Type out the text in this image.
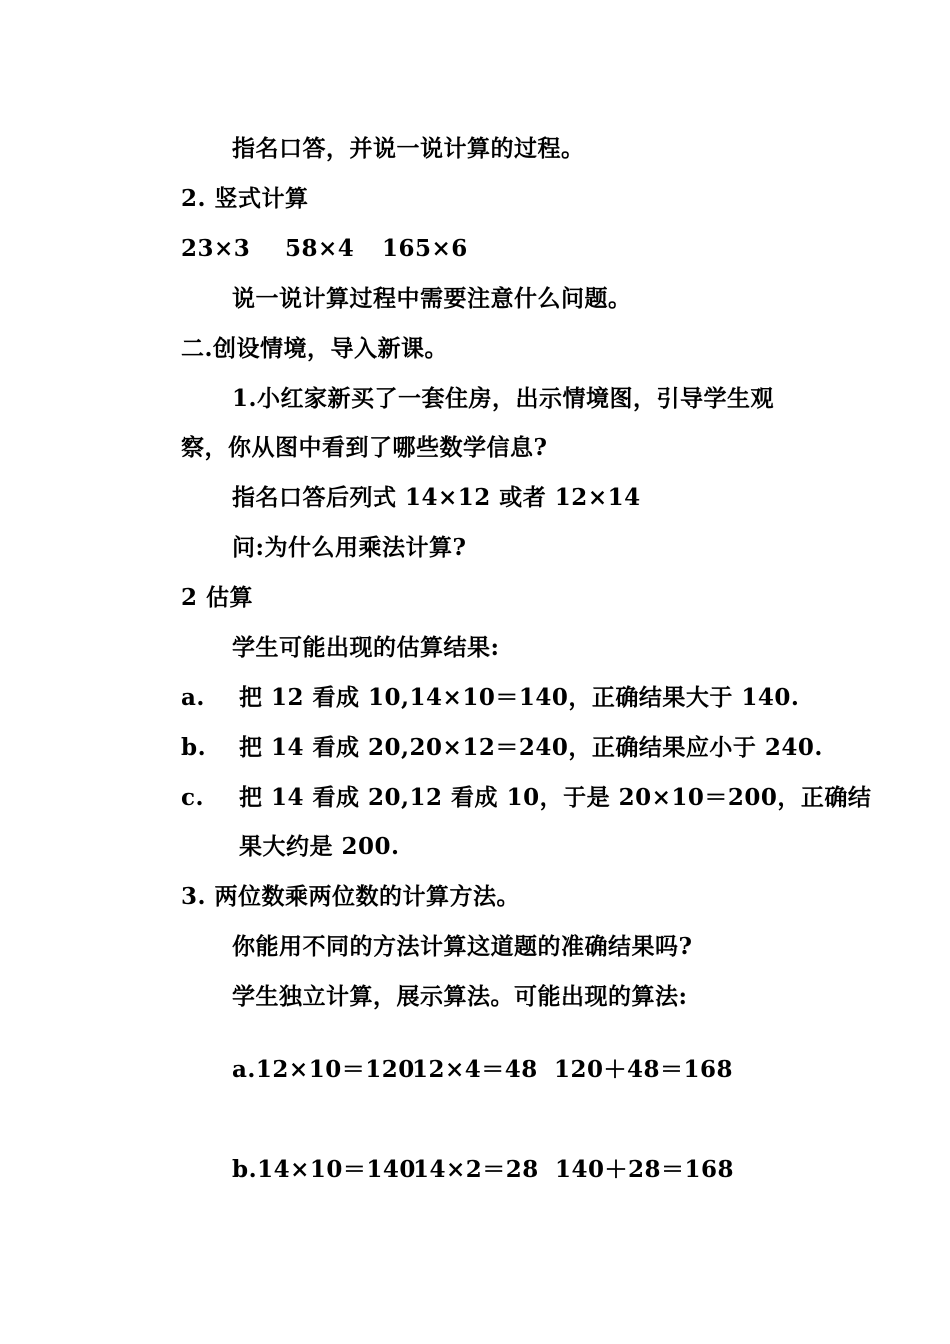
指名口答，并说一说计算的过程。

2. 竖式计算

23×3 58×4 165×6

说一说计算过程中需要注意什么问题。

二.创设情境，导入新课。

1.小红家新买了一套住房，出示情境图，引导学生观

察，你从图中看到了哪些数学信息?

指名口答后列式 14×12 或者 12×14

问:为什么用乘法计算?

2 估算

学生可能出现的估算结果:

a. 把 12 看成 10,14×10＝140，正确结果大于 140.

b. 把 14 看成 20,20×12＝240，正确结果应小于 240.

c. 把 14 看成 20,12 看成 10，于是 20×10＝200，正确结

果大约是 200.

3. 两位数乘两位数的计算方法。

你能用不同的方法计算这道题的准确结果吗?

学生独立计算，展示算法。可能出现的算法:

a.12×10＝120
12×4＝48 120＋48＝168

b.14×10＝140
14×2＝28 140＋28＝168
